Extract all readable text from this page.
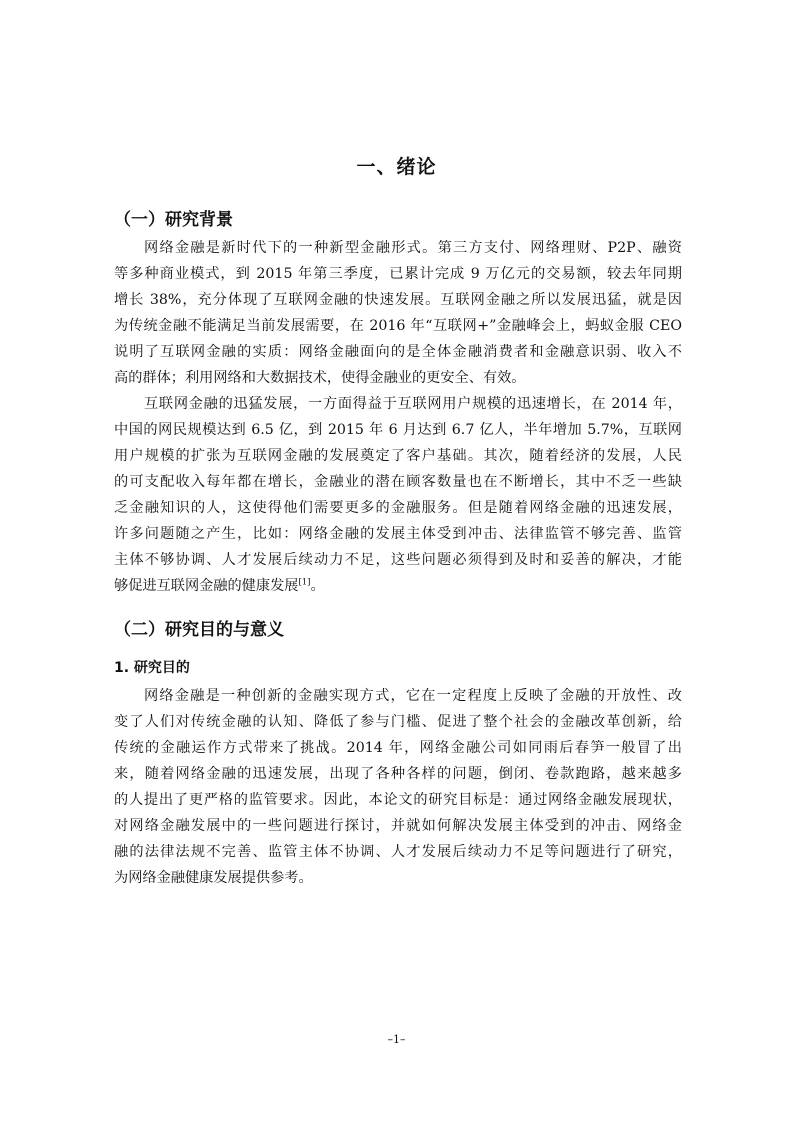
一、绪论
（一）研究背景
网络金融是新时代下的一种新型金融形式。第三方支付、网络理财、P2P、融资
等多种商业模式，到 2015 年第三季度，已累计完成 9 万亿元的交易额，较去年同期
增长 38%，充分体现了互联网金融的快速发展。互联网金融之所以发展迅猛，就是因
为传统金融不能满足当前发展需要，在 2016 年“互联网+”金融峰会上，蚂蚁金服 CEO
说明了互联网金融的实质：网络金融面向的是全体金融消费者和金融意识弱、收入不
高的群体；利用网络和大数据技术，使得金融业的更安全、有效。
互联网金融的迅猛发展，一方面得益于互联网用户规模的迅速增长，在 2014 年，
中国的网民规模达到 6.5 亿，到 2015 年 6 月达到 6.7 亿人，半年增加 5.7%，互联网
用户规模的扩张为互联网金融的发展奠定了客户基础。其次，随着经济的发展，人民
的可支配收入每年都在增长，金融业的潜在顾客数量也在不断增长，其中不乏一些缺
乏金融知识的人，这使得他们需要更多的金融服务。但是随着网络金融的迅速发展，
许多问题随之产生，比如：网络金融的发展主体受到冲击、法律监管不够完善、监管
主体不够协调、人才发展后续动力不足，这些问题必须得到及时和妥善的解决，才能
够促进互联网金融的健康发展[1]。
（二）研究目的与意义
1. 研究目的
网络金融是一种创新的金融实现方式，它在一定程度上反映了金融的开放性、改
变了人们对传统金融的认知、降低了参与门槛、促进了整个社会的金融改革创新，给
传统的金融运作方式带来了挑战。2014 年，网络金融公司如同雨后春笋一般冒了出
来，随着网络金融的迅速发展，出现了各种各样的问题，倒闭、卷款跑路，越来越多
的人提出了更严格的监管要求。因此，本论文的研究目标是：通过网络金融发展现状，
对网络金融发展中的一些问题进行探讨，并就如何解决发展主体受到的冲击、网络金
融的法律法规不完善、监管主体不协调、人才发展后续动力不足等问题进行了研究，
为网络金融健康发展提供参考。
–1–
